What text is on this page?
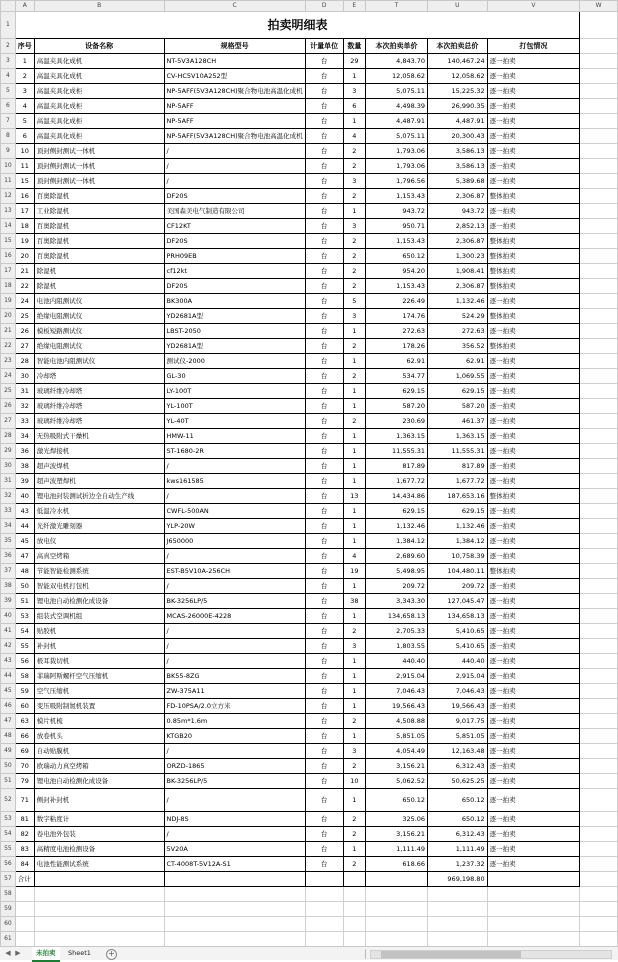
	A	B	C	D	E	T	U	V	W
1	拍卖明细表								
2	序号	设备名称	规格型号	计量单位	数量	本次拍卖单价	本次拍卖总价	打包情况	
3	1	高温夹具化成机	NT-5V3A128CH	台	29	4,843.70	140,467.24	逐一拍卖	
4	2	高温夹具化成机	CV-HC5V10A252型	台	1	12,058.62	12,058.62	逐一拍卖	
5	3	高温夹具化成柜	NP-5AFF(5V3A128CH)聚合物电池高温化成机	台	3	5,075.11	15,225.32	逐一拍卖	
6	4	高温夹具化成柜	NP-5AFF	台	6	4,498.39	26,990.35	逐一拍卖	
7	5	高温夹具化成柜	NP-5AFF	台	1	4,487.91	4,487.91	逐一拍卖	
8	6	高温夹具化成柜	NP-5AFF(5V3A128CH)聚合物电池高温化成机	台	4	5,075.11	20,300.43	逐一拍卖	
9	10	顶封侧封测试一体机	/	台	2	1,793.06	3,586.13	逐一拍卖	
10	11	顶封侧封测试一体机	/	台	2	1,793.06	3,586.13	逐一拍卖	
11	15	顶封侧封测试一体机	/	台	3	1,796.56	5,389.68	逐一拍卖	
12	16	百奥除湿机	DF20S	台	2	1,153.43	2,306.87	整体拍卖	
13	17	工业除湿机	美国森美电气制造有限公司	台	1	943.72	943.72	逐一拍卖	
14	18	百奥除湿机	CF12KT	台	3	950.71	2,852.13	逐一拍卖	
15	19	百奥除湿机	DF20S	台	2	1,153.43	2,306.87	整体拍卖	
16	20	百奥除湿机	PRH09EB	台	2	650.12	1,300.23	整体拍卖	
17	21	除湿机	cf12kt	台	2	954.20	1,908.41	整体拍卖	
18	22	除湿机	DF20S	台	2	1,153.43	2,306.87	整体拍卖	
19	24	电池内阻测试仪	BK300A	台	5	226.49	1,132.46	逐一拍卖	
20	25	绝缘电阻测试仪	YD2681A型	台	3	174.76	524.29	整体拍卖	
21	26	模板短路测试仪	LBST-2050	台	1	272.63	272.63	逐一拍卖	
22	27	绝缘电阻测试仪	YD2681A型	台	2	178.26	356.52	整体拍卖	
23	28	智能电池内阻测试仪	测试仪-2000	台	1	62.91	62.91	逐一拍卖	
24	30	冷却塔	GL-30	台	2	534.77	1,069.55	逐一拍卖	
25	31	玻璃纤维冷却塔	LY-100T	台	1	629.15	629.15	逐一拍卖	
26	32	玻璃纤维冷却塔	YL-100T	台	1	587.20	587.20	逐一拍卖	
27	33	玻璃纤维冷却塔	YL-40T	台	2	230.69	461.37	逐一拍卖	
28	34	无热吸附式干燥机	HMW-11	台	1	1,363.15	1,363.15	逐一拍卖	
29	36	激光焊接机	ST-1680-2R	台	1	11,555.31	11,555.31	逐一拍卖	
30	38	超声波焊机	/	台	1	817.89	817.89	逐一拍卖	
31	39	超声波塑焊机	kws161585	台	1	1,677.72	1,677.72	逐一拍卖	
32	40	锂电池封装测试折边全自动生产线	/	台	13	14,434.86	187,653.16	整体拍卖	
33	43	低温冷水机	CWFL-500AN	台	1	629.15	629.15	逐一拍卖	
34	44	光纤激光雕刻器	YLP-20W	台	1	1,132.46	1,132.46	逐一拍卖	
35	45	放电仪	J650000	台	1	1,384.12	1,384.12	逐一拍卖	
36	47	高真空烤箱	/	台	4	2,689.60	10,758.39	逐一拍卖	
37	48	节能智能检测系统	EST-B5V10A-256CH	台	19	5,498.95	104,480.11	整体拍卖	
38	50	智能双电机打包机	/	台	1	209.72	209.72	逐一拍卖	
39	51	锂电池自动检测化成设备	BK-3256LP/5	台	38	3,343.30	127,045.47	逐一拍卖	
40	53	组装式空调机组	MCAS-26000E-4228	台	1	134,658.13	134,658.13	逐一拍卖	
41	54	贴胶机	/	台	2	2,705.33	5,410.65	逐一拍卖	
42	55	补封机	/	台	3	1,803.55	5,410.65	逐一拍卖	
43	56	极耳裁切机	/	台	1	440.40	440.40	逐一拍卖	
44	58	菲瑞阿斯螺杆空气压缩机	BK55-8ZG	台	1	2,915.04	2,915.04	逐一拍卖	
45	59	空气压缩机	ZW-375A11	台	1	7,046.43	7,046.43	逐一拍卖	
46	60	变压吸附制氮机装置	FD-10PSA/2.0立方米	台	1	19,566.43	19,566.43	逐一拍卖	
47	63	模片机梳	0.85m*1.6m	台	2	4,508.88	9,017.75	逐一拍卖	
48	66	放卷机头	KTGB20	台	1	5,851.05	5,851.05	逐一拍卖	
49	69	自动贴膜机	/	台	3	4,054.49	12,163.48	逐一拍卖	
50	70	欧瑞动力真空烤箱	ORZD-1865	台	2	3,156.21	6,312.43	逐一拍卖	
51	79	锂电池自动检测化成设备	BK-3256LP/5	台	10	5,062.52	50,625.25	逐一拍卖	
52	71	侧封补封机	/	台	1	650.12	650.12	逐一拍卖	
53	81	数字粘度计	NDJ-8S	台	2	325.06	650.12	逐一拍卖	
54	82	卷电池外包装	/	台	2	3,156.21	6,312.43	逐一拍卖	
55	83	高精度电池检测设备	5V20A	台	1	1,111.49	1,111.49	逐一拍卖	
56	84	电池性能测试系统	CT-4008T-5V12A-S1	台	2	618.66	1,237.32	逐一拍卖	
57	合计						969,198.80		
58									
59									
60									
61									
◀ ▶	未拍卖	Sheet1	+
